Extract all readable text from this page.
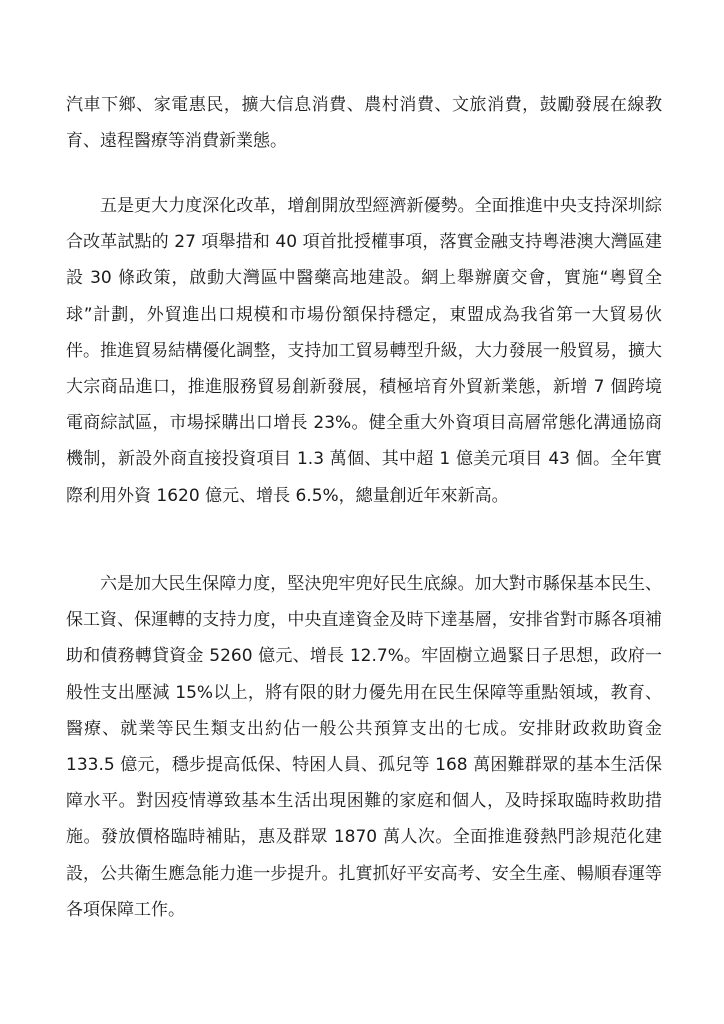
汽車下鄉、家電惠民，擴大信息消費、農村消費、文旅消費，鼓勵發展在線教育、遠程醫療等消費新業態。

五是更大力度深化改革，增創開放型經濟新優勢。全面推進中央支持深圳綜合改革試點的 27 項舉措和 40 項首批授權事項，落實金融支持粵港澳大灣區建設 30 條政策，啟動大灣區中醫藥高地建設。網上舉辦廣交會，實施“粵貿全球”計劃，外貿進出口規模和市場份額保持穩定，東盟成為我省第一大貿易伙伴。推進貿易結構優化調整，支持加工貿易轉型升級，大力發展一般貿易，擴大大宗商品進口，推進服務貿易創新發展，積極培育外貿新業態，新增 7 個跨境電商綜試區，市場採購出口增長 23%。健全重大外資項目高層常態化溝通協商機制，新設外商直接投資項目 1.3 萬個、其中超 1 億美元項目 43 個。全年實際利用外資 1620 億元、增長 6.5%，總量創近年來新高。

六是加大民生保障力度，堅決兜牢兜好民生底線。加大對市縣保基本民生、保工資、保運轉的支持力度，中央直達資金及時下達基層，安排省對市縣各項補助和債務轉貸資金 5260 億元、增長 12.7%。牢固樹立過緊日子思想，政府一般性支出壓減 15%以上，將有限的財力優先用在民生保障等重點領域，教育、醫療、就業等民生類支出約佔一般公共預算支出的七成。安排財政救助資金 133.5 億元，穩步提高低保、特困人員、孤兒等 168 萬困難群眾的基本生活保障水平。對因疫情導致基本生活出現困難的家庭和個人，及時採取臨時救助措施。發放價格臨時補貼，惠及群眾 1870 萬人次。全面推進發熱門診規范化建設，公共衛生應急能力進一步提升。扎實抓好平安高考、安全生產、暢順春運等各項保障工作。
